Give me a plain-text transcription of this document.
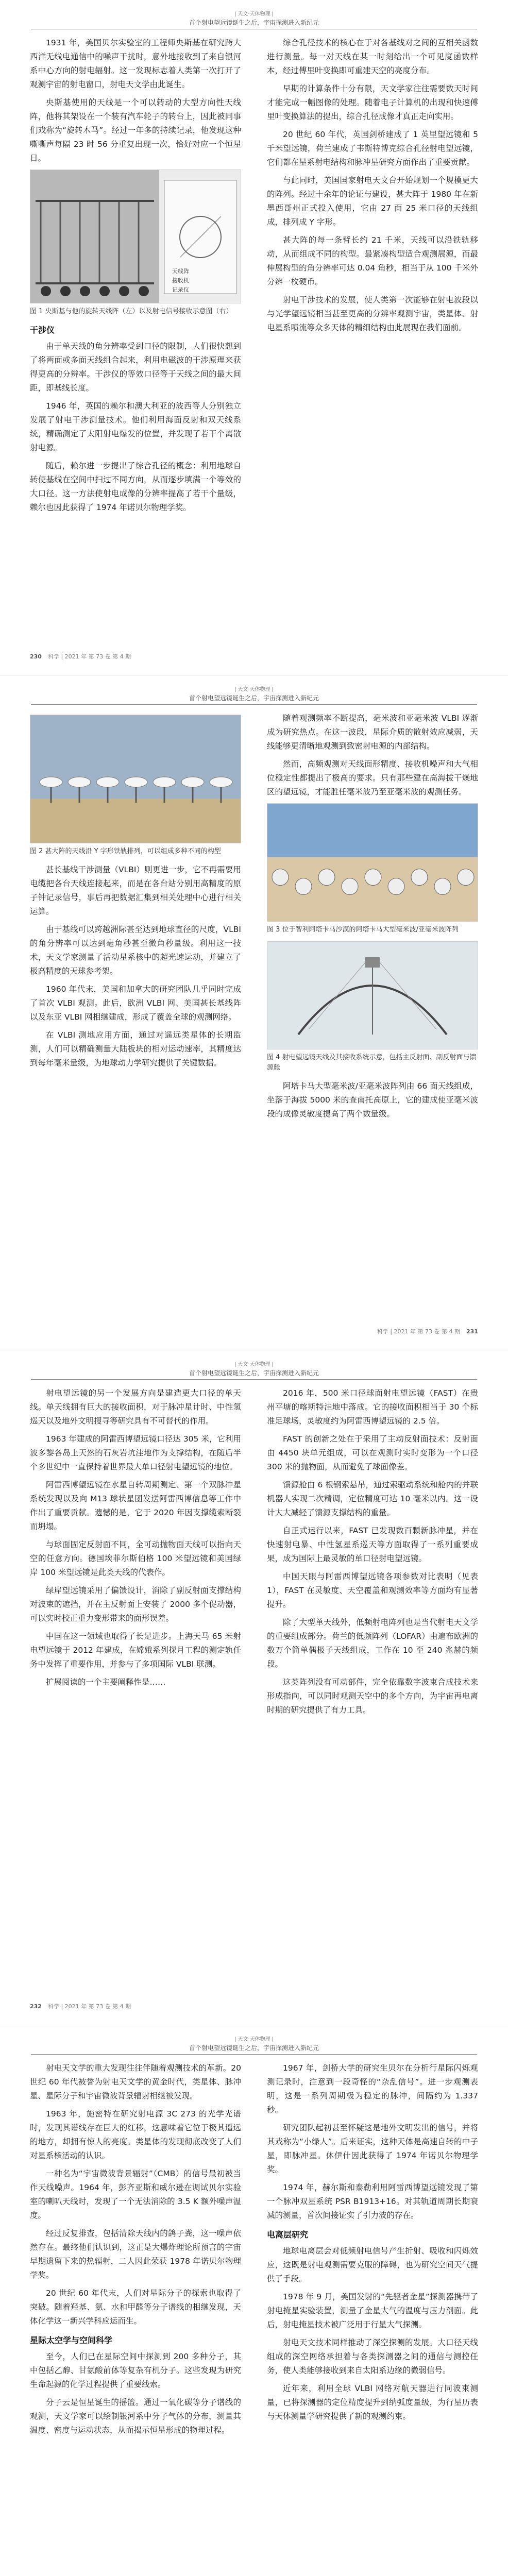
| 天文·天体物理 |
首个射电望远镜诞生之后，宇宙探测进入新纪元
1931 年，美国贝尔实验室的工程师央斯基在研究跨大西洋无线电通信中的噪声干扰时，意外地接收到了来自银河系中心方向的射电辐射。这一发现标志着人类第一次打开了观测宇宙的射电窗口，射电天文学由此诞生。
央斯基使用的天线是一个可以转动的大型方向性天线阵，他将其架设在一个装有汽车轮子的转台上，因此被同事们戏称为“旋转木马”。经过一年多的持续记录，他发现这种嘶嘶声每隔 23 时 56 分重复出现一次，恰好对应一个恒星日。
天线阵
接收机
记录仪
图 1 央斯基与他的旋转天线阵（左）以及射电信号接收示意图（右）
干涉仪
由于单天线的角分辨率受到口径的限制，人们很快想到了将两面或多面天线组合起来，利用电磁波的干涉原理来获得更高的分辨率。干涉仪的等效口径等于天线之间的最大间距，即基线长度。
1946 年，英国的赖尔和澳大利亚的波西等人分别独立发展了射电干涉测量技术。他们利用海面反射和双天线系统，精确测定了太阳射电爆发的位置，并发现了若干个离散射电源。
随后，赖尔进一步提出了综合孔径的概念：利用地球自转使基线在空间中扫过不同方向，从而逐步填满一个等效的大口径。这一方法使射电成像的分辨率提高了若干个量级，赖尔也因此获得了 1974 年诺贝尔物理学奖。
综合孔径技术的核心在于对各基线对之间的互相关函数进行测量。每一对天线在某一时刻给出一个可见度函数样本，经过傅里叶变换即可重建天空的亮度分布。
早期的计算条件十分有限，天文学家往往需要数天时间才能完成一幅图像的处理。随着电子计算机的出现和快速傅里叶变换算法的提出，综合孔径成像才真正走向实用。
20 世纪 60 年代，英国剑桥建成了 1 英里望远镜和 5 千米望远镜，荷兰建成了韦斯特博克综合孔径射电望远镜，它们都在星系射电结构和脉冲星研究方面作出了重要贡献。
与此同时，美国国家射电天文台开始规划一个规模更大的阵列。经过十余年的论证与建设，甚大阵于 1980 年在新墨西哥州正式投入使用，它由 27 面 25 米口径的天线组成，排列成 Y 字形。
甚大阵的每一条臂长约 21 千米，天线可以沿铁轨移动，从而组成不同的构型。最紧凑构型适合观测展源，而最伸展构型的角分辨率可达 0.04 角秒，相当于从 100 千米外分辨一枚硬币。
射电干涉技术的发展，使人类第一次能够在射电波段以与光学望远镜相当甚至更高的分辨率观测宇宙，类星体、射电星系喷流等众多天体的精细结构由此展现在我们面前。
230 科学 | 2021 年 第 73 卷 第 4 期
| 天文·天体物理 |
首个射电望远镜诞生之后，宇宙探测进入新纪元
图 2 甚大阵的天线沿 Y 字形铁轨排列，可以组成多种不同的构型
甚长基线干涉测量（VLBI）则更进一步，它不再需要用电缆把各台天线连接起来，而是在各台站分别用高精度的原子钟记录信号，事后再把数据汇集到相关处理中心进行相关运算。
由于基线可以跨越洲际甚至达到地球直径的尺度，VLBI 的角分辨率可以达到毫角秒甚至微角秒量级。利用这一技术，天文学家测量了活动星系核中的超光速运动，并建立了极高精度的天球参考架。
1960 年代末，美国和加拿大的研究团队几乎同时完成了首次 VLBI 观测。此后，欧洲 VLBI 网、美国甚长基线阵以及东亚 VLBI 网相继建成，形成了覆盖全球的观测网络。
在 VLBI 测地应用方面，通过对遥远类星体的长期监测，人们可以精确测量大陆板块的相对运动速率，其精度达到每年毫米量级，为地球动力学研究提供了关键数据。
随着观测频率不断提高，毫米波和亚毫米波 VLBI 逐渐成为研究热点。在这一波段，星际介质的散射效应减弱，天线能够更清晰地观测到致密射电源的内部结构。
然而，高频观测对天线面形精度、接收机噪声和大气相位稳定性都提出了极高的要求。只有那些建在高海拔干燥地区的望远镜，才能胜任毫米波乃至亚毫米波的观测任务。
图 3 位于智利阿塔卡马沙漠的阿塔卡马大型毫米波/亚毫米波阵列
图 4 射电望远镜天线及其接收系统示意，包括主反射面、副反射面与馈源舱
阿塔卡马大型毫米波/亚毫米波阵列由 66 面天线组成，坐落于海拔 5000 米的查南托高原上，它的建成使亚毫米波段的成像灵敏度提高了两个数量级。
科学 | 2021 年 第 73 卷 第 4 期 231
| 天文·天体物理 |
首个射电望远镜诞生之后，宇宙探测进入新纪元
射电望远镜的另一个发展方向是建造更大口径的单天线。单天线拥有巨大的接收面积，对于脉冲星计时、中性氢巡天以及地外文明搜寻等研究具有不可替代的作用。
1963 年建成的阿雷西博望远镜口径达 305 米，它利用波多黎各岛上天然的石灰岩坑洼地作为支撑结构，在随后半个多世纪中一直保持着世界最大单口径射电望远镜的地位。
阿雷西博望远镜在水星自转周期测定、第一个双脉冲星系统发现以及向 M13 球状星团发送阿雷西博信息等工作中作出了重要贡献。遗憾的是，它于 2020 年因支撑缆索断裂而坍塌。
与球面固定反射面不同，全可动抛物面天线可以指向天空的任意方向。德国埃菲尔斯伯格 100 米望远镜和美国绿岸 100 米望远镜是此类天线的代表作。
绿岸望远镜采用了偏馈设计，消除了副反射面支撑结构对波束的遮挡，并在主反射面上安装了 2000 多个促动器，可以实时校正重力变形带来的面形误差。
中国在这一领域也取得了长足进步。上海天马 65 米射电望远镜于 2012 年建成，在嫦娥系列探月工程的测定轨任务中发挥了重要作用，并参与了多项国际 VLBI 联测。
扩展阅读的一个主要阐释性是……
2016 年，500 米口径球面射电望远镜（FAST）在贵州平塘的喀斯特洼地中落成。它的接收面积相当于 30 个标准足球场，灵敏度约为阿雷西博望远镜的 2.5 倍。
FAST 的创新之处在于采用了主动反射面技术：反射面由 4450 块单元组成，可以在观测时实时变形为一个口径 300 米的抛物面，从而避免了球面像差。
馈源舱由 6 根钢索悬吊，通过索驱动系统和舱内的并联机器人实现二次精调，定位精度可达 10 毫米以内。这一设计大大减轻了馈源支撑结构的重量。
自正式运行以来，FAST 已发现数百颗新脉冲星，并在快速射电暴、中性氢星系巡天等方面取得了一系列重要成果，成为国际上最灵敏的单口径射电望远镜。
中国天眼与阿雷西博望远镜各项参数对比表明（见表 1），FAST 在灵敏度、天空覆盖和观测效率等方面均有显著提升。
除了大型单天线外，低频射电阵列也是当代射电天文学的重要组成部分。荷兰的低频阵列（LOFAR）由遍布欧洲的数万个简单偶极子天线组成，工作在 10 至 240 兆赫的频段。
这类阵列没有可动部件，完全依靠数字波束合成技术来形成指向，可以同时观测天空中的多个方向，为宇宙再电离时期的研究提供了有力工具。
232 科学 | 2021 年 第 73 卷 第 4 期
| 天文·天体物理 |
首个射电望远镜诞生之后，宇宙探测进入新纪元
射电天文学的重大发现往往伴随着观测技术的革新。20 世纪 60 年代被誉为射电天文学的黄金时代，类星体、脉冲星、星际分子和宇宙微波背景辐射相继被发现。
1963 年，施密特在研究射电源 3C 273 的光学光谱时，发现其谱线存在巨大的红移，这意味着它位于极其遥远的地方，却拥有惊人的亮度。类星体的发现彻底改变了人们对星系核活动的认识。
一种名为“宇宙微波背景辐射”（CMB）的信号最初被当作天线噪声。1964 年，彭齐亚斯和威尔逊在调试贝尔实验室的喇叭天线时，发现了一个无法消除的 3.5 K 额外噪声温度。
经过反复排查，包括清除天线内的鸽子粪，这一噪声依然存在。最终他们认识到，这正是大爆炸理论所预言的宇宙早期遗留下来的热辐射，二人因此荣获 1978 年诺贝尔物理学奖。
20 世纪 60 年代末，人们对星际分子的探索也取得了突破。随着羟基、氨、水和甲醛等分子谱线的相继发现，天体化学这一新兴学科应运而生。
星际太空学与空间科学
至今，人们已在星际空间中探测到 200 多种分子，其中包括乙醇、甘氨酸前体等复杂有机分子。这些发现为研究生命起源的化学过程提供了重要线索。
分子云是恒星诞生的摇篮。通过一氧化碳等分子谱线的观测，天文学家可以绘制银河系中分子气体的分布，测量其温度、密度与运动状态，从而揭示恒星形成的物理过程。
1967 年，剑桥大学的研究生贝尔在分析行星际闪烁观测记录时，注意到一段奇怪的“杂乱信号”。进一步观测表明，这是一系列周期极为稳定的脉冲，间隔约为 1.337 秒。
研究团队起初甚至怀疑这是地外文明发出的信号，并将其戏称为“小绿人”。后来证实，这种天体是高速自转的中子星，即脉冲星。休伊什因此获得了 1974 年诺贝尔物理学奖。
1974 年，赫尔斯和泰勒利用阿雷西博望远镜发现了第一个脉冲双星系统 PSR B1913+16。对其轨道周期长期衰减的测量，首次间接证实了引力波的存在。
电离层研究
地球电离层会对低频射电信号产生折射、吸收和闪烁效应，这既是射电观测需要克服的障碍，也为研究空间天气提供了手段。
1978 年 9 月，美国发射的“先驱者金星”探测器携带了射电掩星实验装置，测量了金星大气的温度与压力剖面。此后，射电掩星技术被广泛用于行星大气探测。
射电天文技术同样推动了深空探测的发展。大口径天线组成的深空网络承担着与各类探测器之间的通信与测控任务，使人类能够接收到来自太阳系边缘的微弱信号。
近年来，利用全球 VLBI 网络对航天器进行同波束测量，已将探测器的定位精度提升到纳弧度量级，为行星历表与天体测量学研究提供了新的观测约束。
